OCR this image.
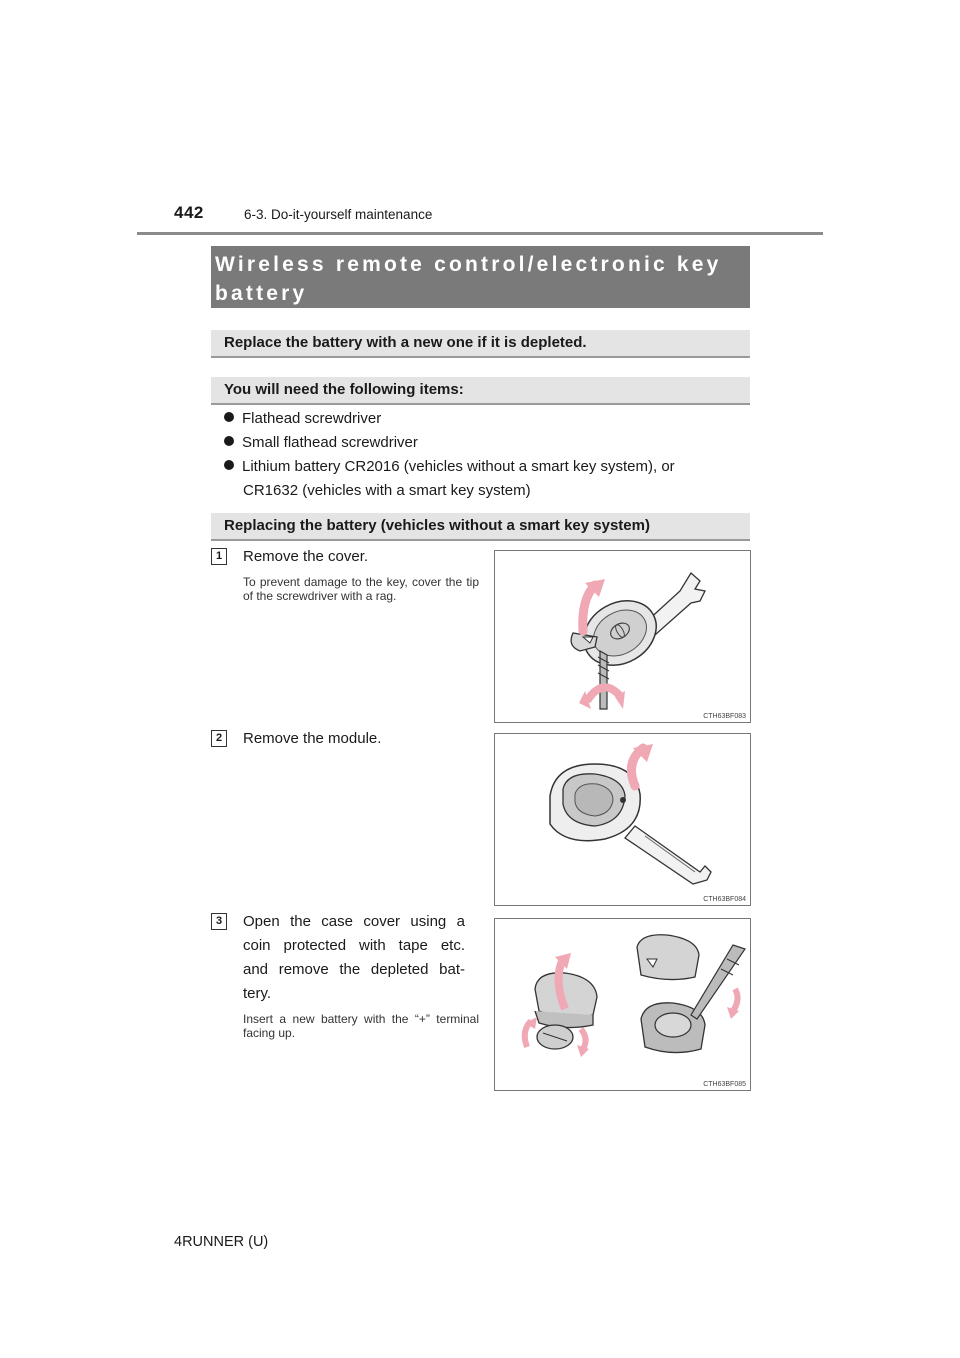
442	6-3. Do-it-yourself maintenance
Wireless remote control/electronic key battery
Replace the battery with a new one if it is depleted.
You will need the following items:
Flathead screwdriver
Small flathead screwdriver
Lithium battery CR2016 (vehicles without a smart key system), or
CR1632 (vehicles with a smart key system)
Replacing the battery (vehicles without a smart key system)
1	Remove the cover.
To prevent damage to the key, cover the tip of the screwdriver with a rag.
CTH63BF083
2	Remove the module.
CTH63BF084
3	Open the case cover using a
coin protected with tape etc.
and remove the depleted bat-
tery.
Insert a new battery with the “+” terminal facing up.
CTH63BF085
4RUNNER (U)
